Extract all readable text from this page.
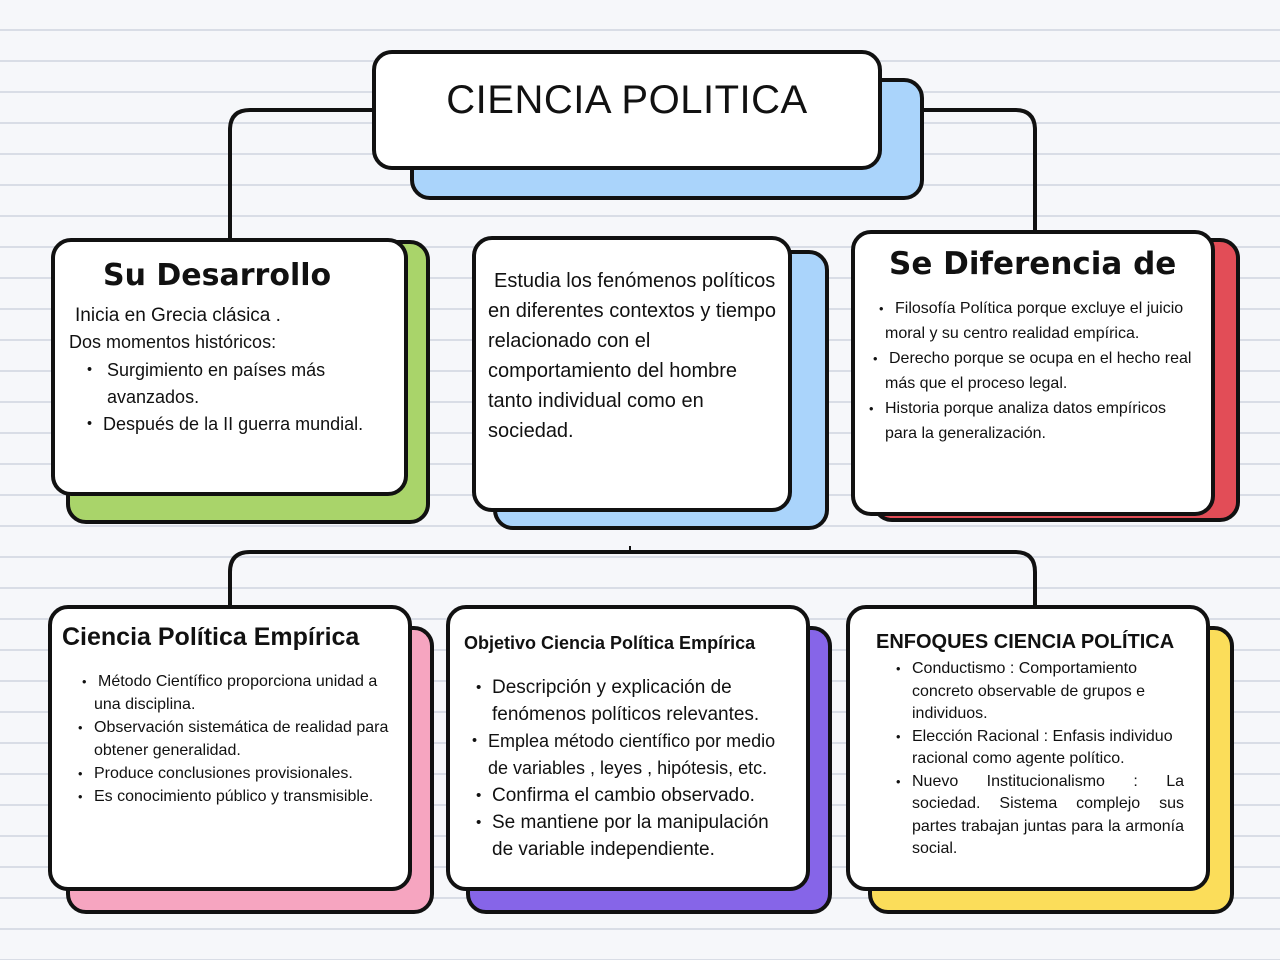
CIENCIA POLITICA
Su Desarrollo
Inicia en Grecia clásica .
Dos momentos históricos:
• Surgimiento en países más avanzados.
• Después de la II guerra mundial.
Estudia los fenómenos políticos en diferentes contextos y tiempo relacionado con el comportamiento del hombre tanto individual como en sociedad.
Se Diferencia de
• Filosofía Política porque excluye el juicio moral y su centro realidad empírica.
• Derecho porque se ocupa en el hecho real más que el proceso legal.
• Historia porque analiza datos empíricos para la generalización.
Ciencia Política Empírica
• Método Científico proporciona unidad a una disciplina.
• Observación sistemática de realidad para obtener generalidad.
• Produce conclusiones provisionales.
• Es conocimiento público y transmisible.
Objetivo Ciencia Política Empírica
• Descripción y explicación de fenómenos políticos relevantes.
• Emplea método científico por medio de variables , leyes , hipótesis, etc.
• Confirma el cambio observado.
• Se mantiene por la manipulación de variable independiente.
ENFOQUES CIENCIA POLÍTICA
• Conductismo : Comportamiento concreto observable de grupos e individuos.
• Elección Racional : Enfasis individuo racional como agente político.
• Nuevo Institucionalismo : La sociedad. Sistema complejo sus partes trabajan juntas para la armonía social.
